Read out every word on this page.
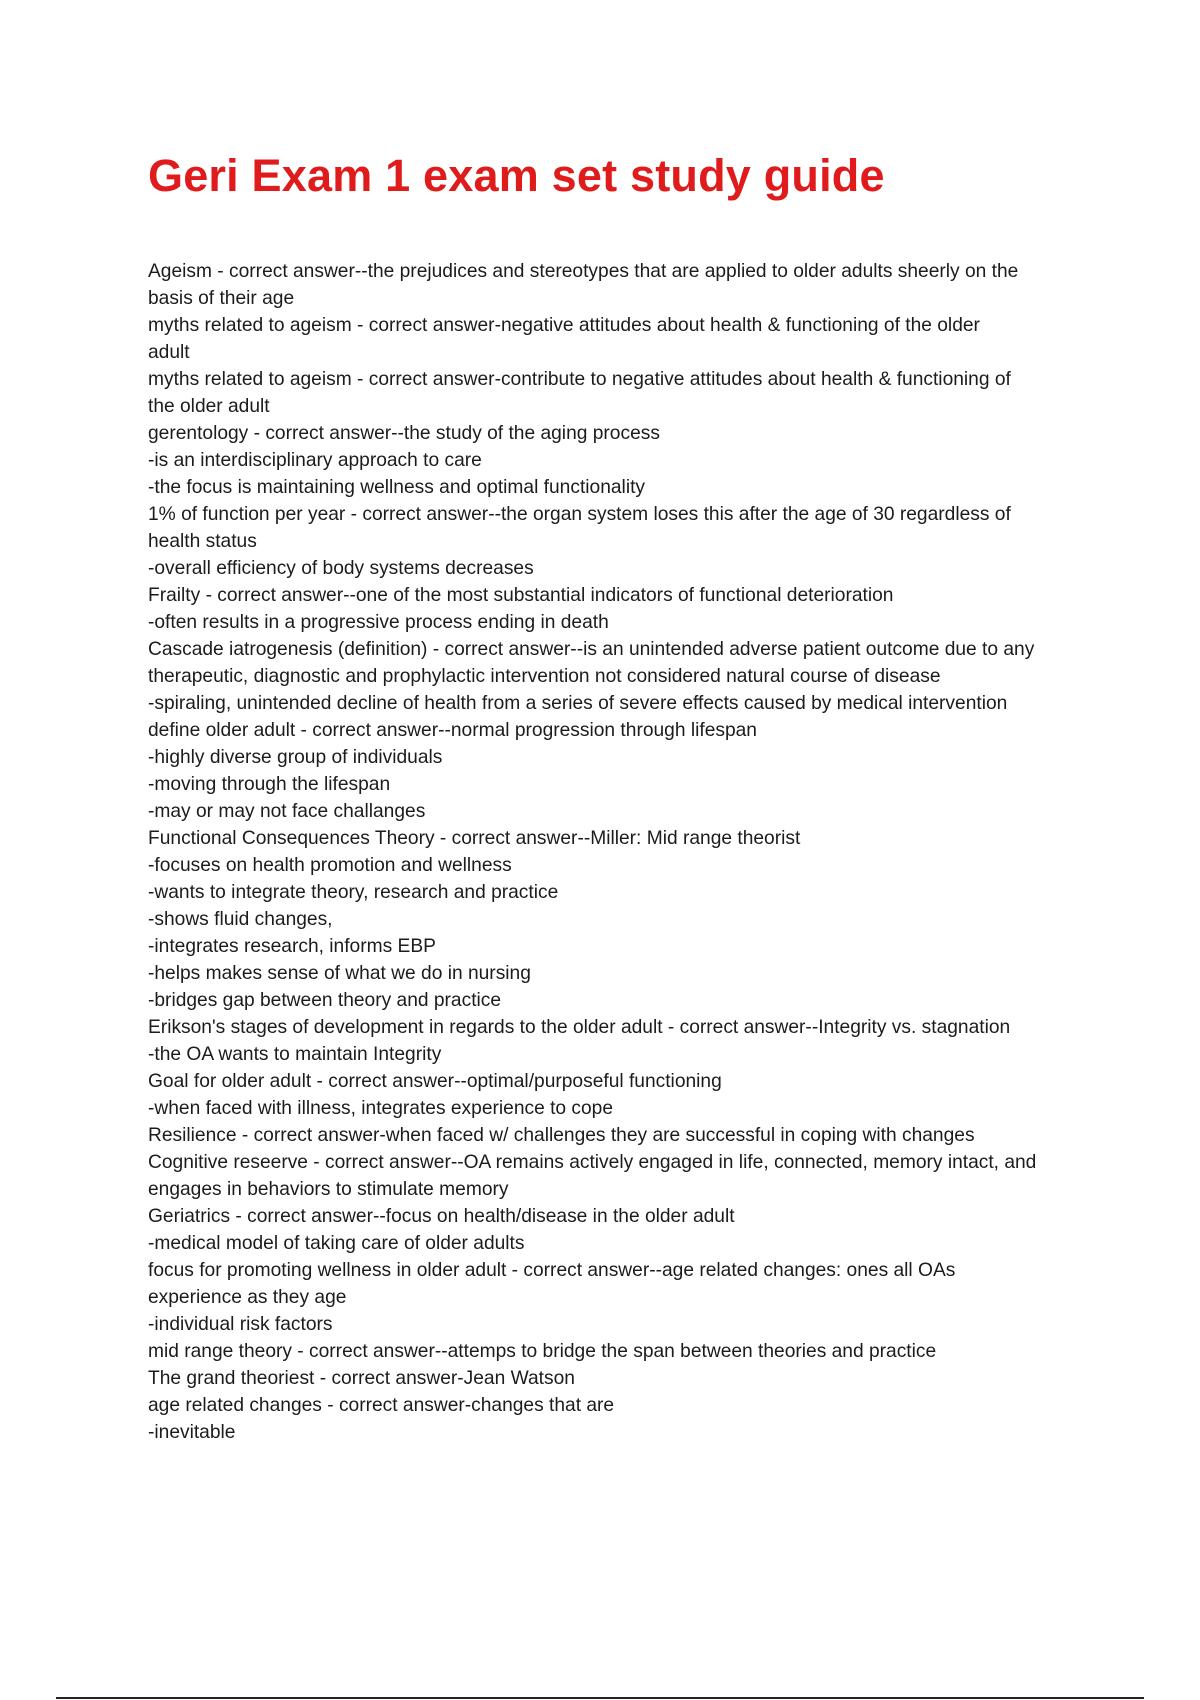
Geri Exam 1 exam set study guide
Ageism - correct answer--the prejudices and stereotypes that are applied to older adults sheerly on the
basis of their age
myths related to ageism - correct answer-negative attitudes about health & functioning of the older
adult
myths related to ageism - correct answer-contribute to negative attitudes about health & functioning of
the older adult
gerentology - correct answer--the study of the aging process
-is an interdisciplinary approach to care
-the focus is maintaining wellness and optimal functionality
1% of function per year - correct answer--the organ system loses this after the age of 30 regardless of
health status
-overall efficiency of body systems decreases
Frailty - correct answer--one of the most substantial indicators of functional deterioration
-often results in a progressive process ending in death
Cascade iatrogenesis (definition) - correct answer--is an unintended adverse patient outcome due to any
therapeutic, diagnostic and prophylactic intervention not considered natural course of disease
-spiraling, unintended decline of health from a series of severe effects caused by medical intervention
define older adult - correct answer--normal progression through lifespan
-highly diverse group of individuals
-moving through the lifespan
-may or may not face challanges
Functional Consequences Theory - correct answer--Miller: Mid range theorist
-focuses on health promotion and wellness
-wants to integrate theory, research and practice
-shows fluid changes,
-integrates research, informs EBP
-helps makes sense of what we do in nursing
-bridges gap between theory and practice
Erikson's stages of development in regards to the older adult - correct answer--Integrity vs. stagnation
-the OA wants to maintain Integrity
Goal for older adult - correct answer--optimal/purposeful functioning
-when faced with illness, integrates experience to cope
Resilience - correct answer-when faced w/ challenges they are successful in coping with changes
Cognitive reseerve - correct answer--OA remains actively engaged in life, connected, memory intact, and
engages in behaviors to stimulate memory
Geriatrics - correct answer--focus on health/disease in the older adult
-medical model of taking care of older adults
focus for promoting wellness in older adult - correct answer--age related changes: ones all OAs
experience as they age
-individual risk factors
mid range theory - correct answer--attemps to bridge the span between theories and practice
The grand theoriest - correct answer-Jean Watson
age related changes - correct answer-changes that are
-inevitable
